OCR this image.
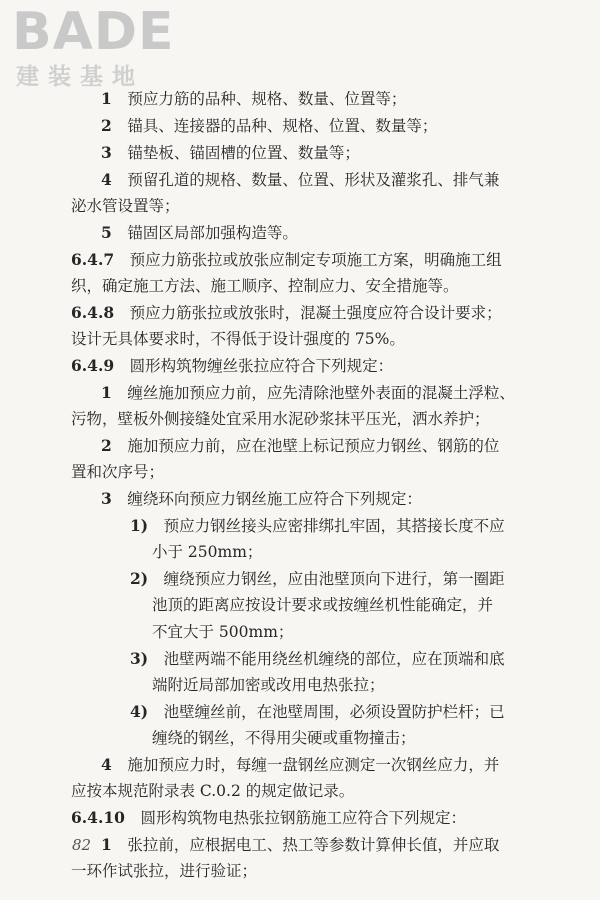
BADE
建装基地
1　 预应力筋的品种、规格、数量、位置等；
2　 锚具、连接器的品种、规格、位置、数量等；
3　 锚垫板、锚固槽的位置、数量等；
4　 预留孔道的规格、数量、位置、形状及灌浆孔、排气兼
泌水管设置等；
5　 锚固区局部加强构造等。
6.4.7　 预应力筋张拉或放张应制定专项施工方案，明确施工组
织，确定施工方法、施工顺序、控制应力、安全措施等。
6.4.8　 预应力筋张拉或放张时，混凝土强度应符合设计要求；
设计无具体要求时，不得低于设计强度的 75%。
6.4.9　 圆形构筑物缠丝张拉应符合下列规定：
1　 缠丝施加预应力前，应先清除池壁外表面的混凝土浮粒、
污物，壁板外侧接缝处宜采用水泥砂浆抹平压光，洒水养护；
2　 施加预应力前，应在池壁上标记预应力钢丝、钢筋的位
置和次序号；
3　 缠绕环向预应力钢丝施工应符合下列规定：
1)　 预应力钢丝接头应密排绑扎牢固，其搭接长度不应
小于 250mm；
2)　 缠绕预应力钢丝，应由池壁顶向下进行，第一圈距
池顶的距离应按设计要求或按缠丝机性能确定，并
不宜大于 500mm；
3)　 池壁两端不能用绕丝机缠绕的部位，应在顶端和底
端附近局部加密或改用电热张拉；
4)　 池壁缠丝前，在池壁周围，必须设置防护栏杆；已
缠绕的钢丝，不得用尖硬或重物撞击；
4　 施加预应力时，每缠一盘钢丝应测定一次钢丝应力，并
应按本规范附录表 C.0.2 的规定做记录。
6.4.10　 圆形构筑物电热张拉钢筋施工应符合下列规定：
1　 张拉前，应根据电工、热工等参数计算伸长值，并应取
一环作试张拉，进行验证；
82
